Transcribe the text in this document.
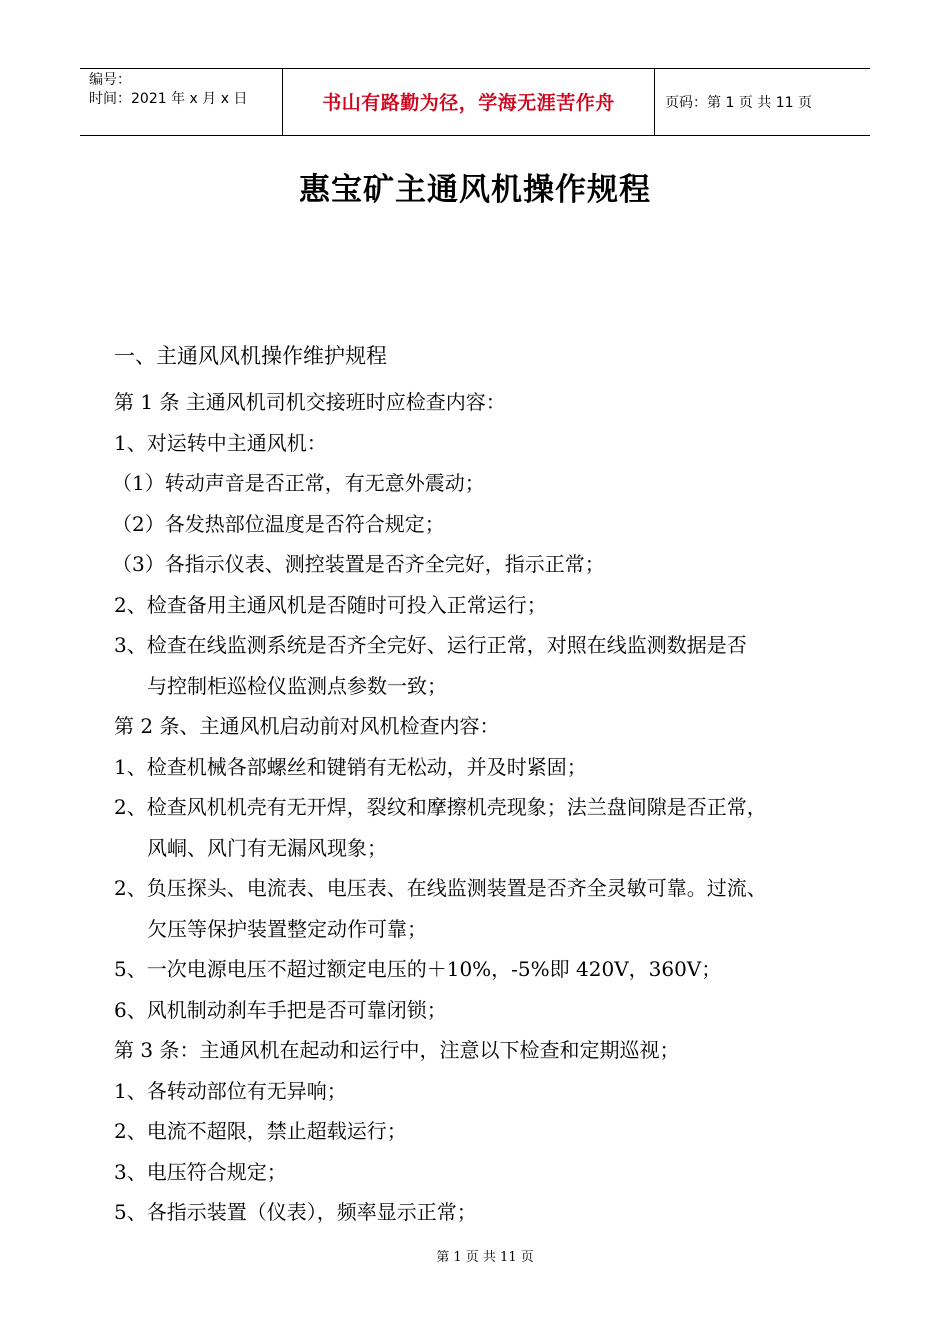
编号：
时间：2021 年 x 月 x 日	书山有路勤为径，学海无涯苦作舟	页码：第 1 页 共 11 页
惠宝矿主通风机操作规程
一、主通风风机操作维护规程
第 1 条 主通风机司机交接班时应检查内容：
1、对运转中主通风机：
（1）转动声音是否正常，有无意外震动；
（2）各发热部位温度是否符合规定；
（3）各指示仪表、测控装置是否齐全完好，指示正常；
2、检查备用主通风机是否随时可投入正常运行；
3、检查在线监测系统是否齐全完好、运行正常，对照在线监测数据是否
与控制柜巡检仪监测点参数一致；
第 2 条、主通风机启动前对风机检查内容：
1、检查机械各部螺丝和键销有无松动，并及时紧固；
2、检查风机机壳有无开焊，裂纹和摩擦机壳现象；法兰盘间隙是否正常，
风峒、风门有无漏风现象；
2、负压探头、电流表、电压表、在线监测装置是否齐全灵敏可靠。过流、
欠压等保护装置整定动作可靠；
5、一次电源电压不超过额定电压的＋10%，-5%即 420V，360V；
6、风机制动刹车手把是否可靠闭锁；
第 3 条：主通风机在起动和运行中，注意以下检查和定期巡视；
1、各转动部位有无异响；
2、电流不超限，禁止超载运行；
3、电压符合规定；
5、各指示装置（仪表），频率显示正常；
第 1 页 共 11 页
